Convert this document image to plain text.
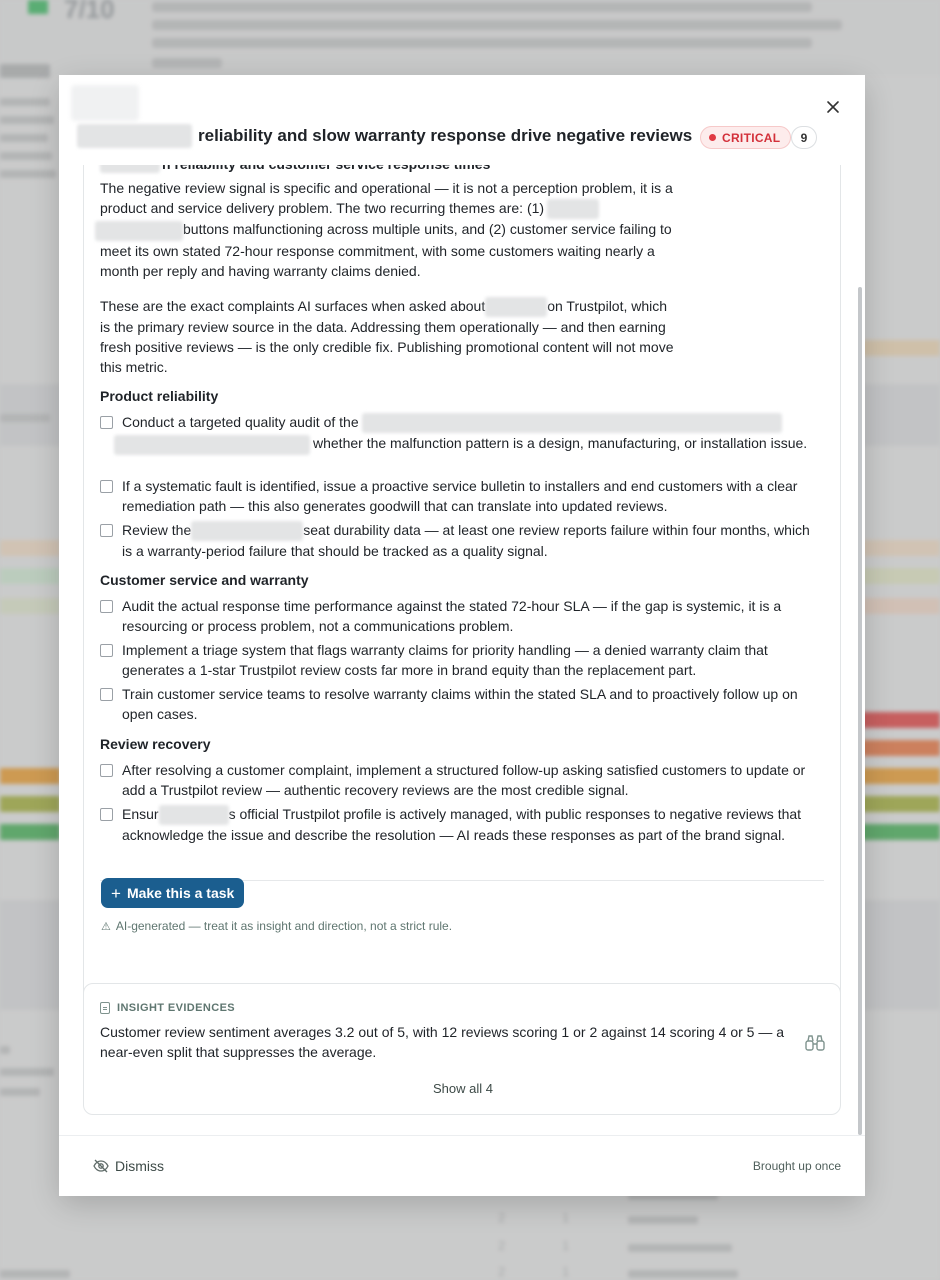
7/10
2	1
2	1
2	1
reliability and slow warranty response drive negative reviews CRITICAL	9
The negative review signal is specific and operational — it is not a perception problem, it is a product and service delivery problem. The two recurring themes are: (1)
buttons malfunctioning across multiple units, and (2) customer service failing to meet its own stated 72-hour response commitment, with some customers waiting nearly a month per reply and having warranty claims denied.
These are the exact complaints AI surfaces when asked about	on Trustpilot, which is the primary review source in the data. Addressing them operationally — and then earning fresh positive reviews — is the only credible fix. Publishing promotional content will not move this metric.
Product reliability
Conduct a targeted quality audit of the
whether the malfunction pattern is a design, manufacturing, or installation issue.
If a systematic fault is identified, issue a proactive service bulletin to installers and end customers with a clear remediation path — this also generates goodwill that can translate into updated reviews.
Review the	seat durability data — at least one review reports failure within four months, which is a warranty-period failure that should be tracked as a quality signal.
Customer service and warranty
Audit the actual response time performance against the stated 72-hour SLA — if the gap is systemic, it is a resourcing or process problem, not a communications problem.
Implement a triage system that flags warranty claims for priority handling — a denied warranty claim that generates a 1-star Trustpilot review costs far more in brand equity than the replacement part.
Train customer service teams to resolve warranty claims within the stated SLA and to proactively follow up on open cases.
Review recovery
After resolving a customer complaint, implement a structured follow-up asking satisfied customers to update or add a Trustpilot review — authentic recovery reviews are the most credible signal.
Ensur	s official Trustpilot profile is actively managed, with public responses to negative reviews that acknowledge the issue and describe the resolution — AI reads these responses as part of the brand signal.
+ Make this a task
⚠ AI-generated — treat it as insight and direction, not a strict rule.
INSIGHT EVIDENCES
Customer review sentiment averages 3.2 out of 5, with 12 reviews scoring 1 or 2 against 14 scoring 4 or 5 — a near-even split that suppresses the average.
Show all 4
Dismiss	Brought up once
